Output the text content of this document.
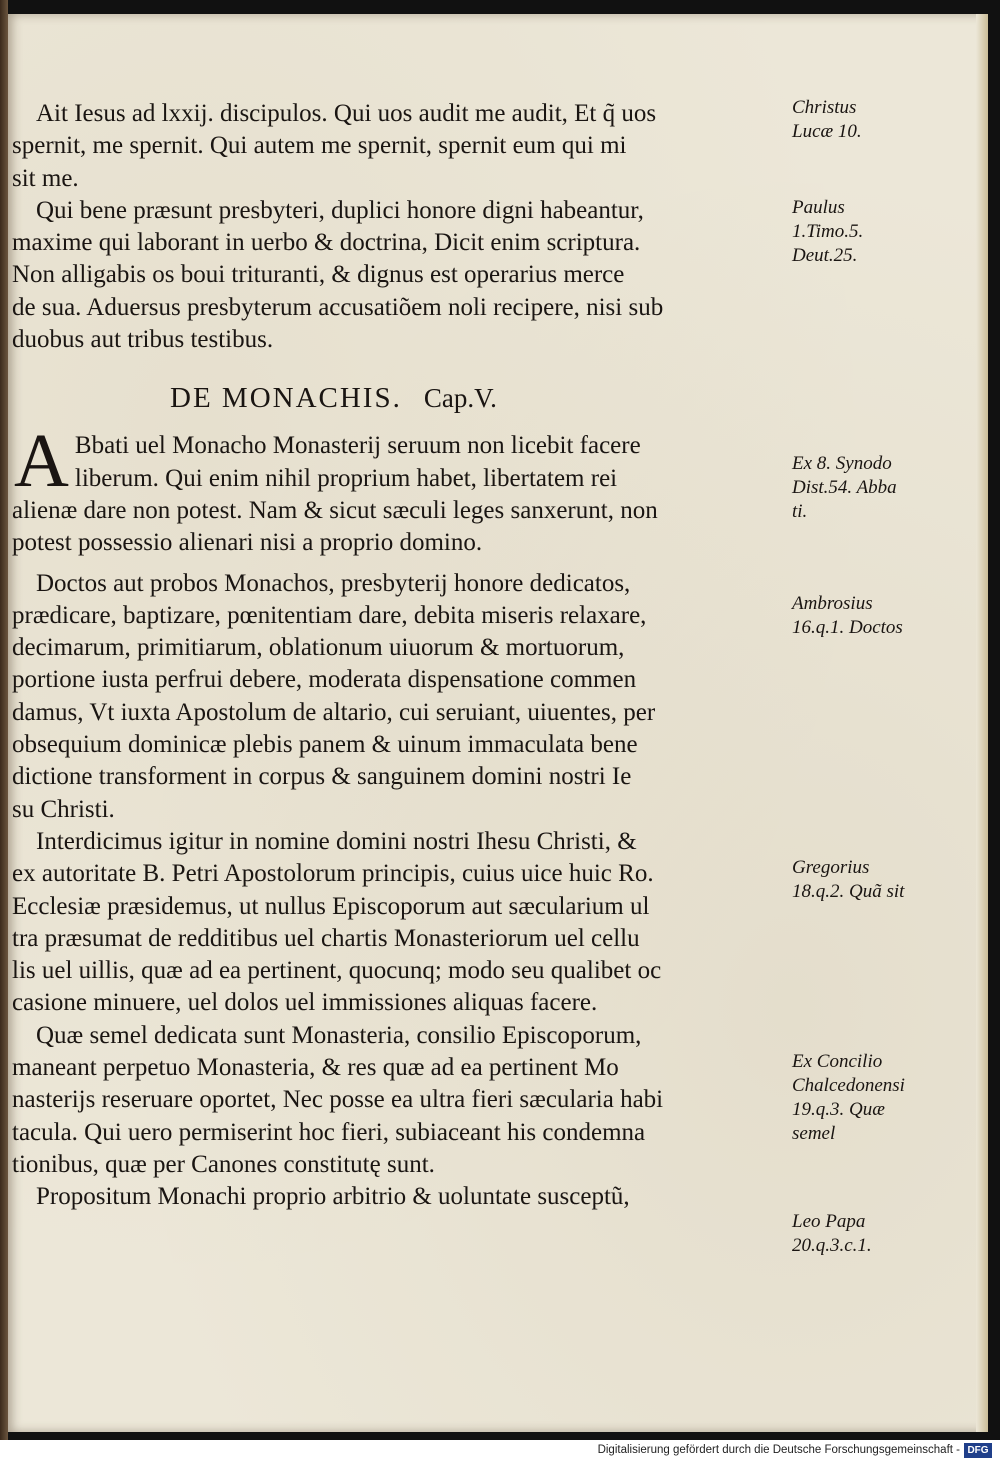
Ait Iesus ad lxxij. discipulos. Qui uos audit me audit, Et q̃ uos
spernit, me spernit. Qui autem me spernit, spernit eum qui mi
sit me.
Qui bene præsunt presbyteri, duplici honore digni habeantur,
maxime qui laborant in uerbo & doctrina, Dicit enim scriptura.
Non alligabis os boui trituranti, & dignus est operarius merce
de sua. Aduersus presbyterum accusatiõem noli recipere, nisi sub
duobus aut tribus testibus.
DE MONACHIS. Cap.V.
A Bbati uel Monacho Monasterij seruum non licebit facere
liberum. Qui enim nihil proprium habet, libertatem rei
alienæ dare non potest. Nam & sicut sæculi leges sanxerunt, non
potest possessio alienari nisi a proprio domino.
Doctos aut probos Monachos, presbyterij honore dedicatos,
prædicare, baptizare, pœnitentiam dare, debita miseris relaxare,
decimarum, primitiarum, oblationum uiuorum & mortuorum,
portione iusta perfrui debere, moderata dispensatione commen
damus, Vt iuxta Apostolum de altario, cui seruiant, uiuentes, per
obsequium dominicæ plebis panem & uinum immaculata bene
dictione transforment in corpus & sanguinem domini nostri Ie
su Christi.
Interdicimus igitur in nomine domini nostri Ihesu Christi, &
ex autoritate B. Petri Apostolorum principis, cuius uice huic Ro.
Ecclesiæ præsidemus, ut nullus Episcoporum aut sæcularium ul
tra præsumat de redditibus uel chartis Monasteriorum uel cellu
lis uel uillis, quæ ad ea pertinent, quocunq; modo seu qualibet oc
casione minuere, uel dolos uel immissiones aliquas facere.
Quæ semel dedicata sunt Monasteria, consilio Episcoporum,
maneant perpetuo Monasteria, & res quæ ad ea pertinent Mo
nasterijs reseruare oportet, Nec posse ea ultra fieri sæcularia habi
tacula. Qui uero permiserint hoc fieri, subiaceant his condemna
tionibus, quæ per Canones constitutę sunt.
Propositum Monachi proprio arbitrio & uoluntate susceptũ,
Christus
Lucæ 10.
Paulus
1.Timo.5.
Deut.25.
Ex 8. Synodo
Dist.54. Abba
ti.
Ambrosius
16.q.1. Doctos
Gregorius
18.q.2. Quã sit
Ex Concilio
Chalcedonensi
19.q.3. Quæ
semel
Leo Papa
20.q.3.c.1.
Digitalisierung gefördert durch die Deutsche Forschungsgemeinschaft - DFG
